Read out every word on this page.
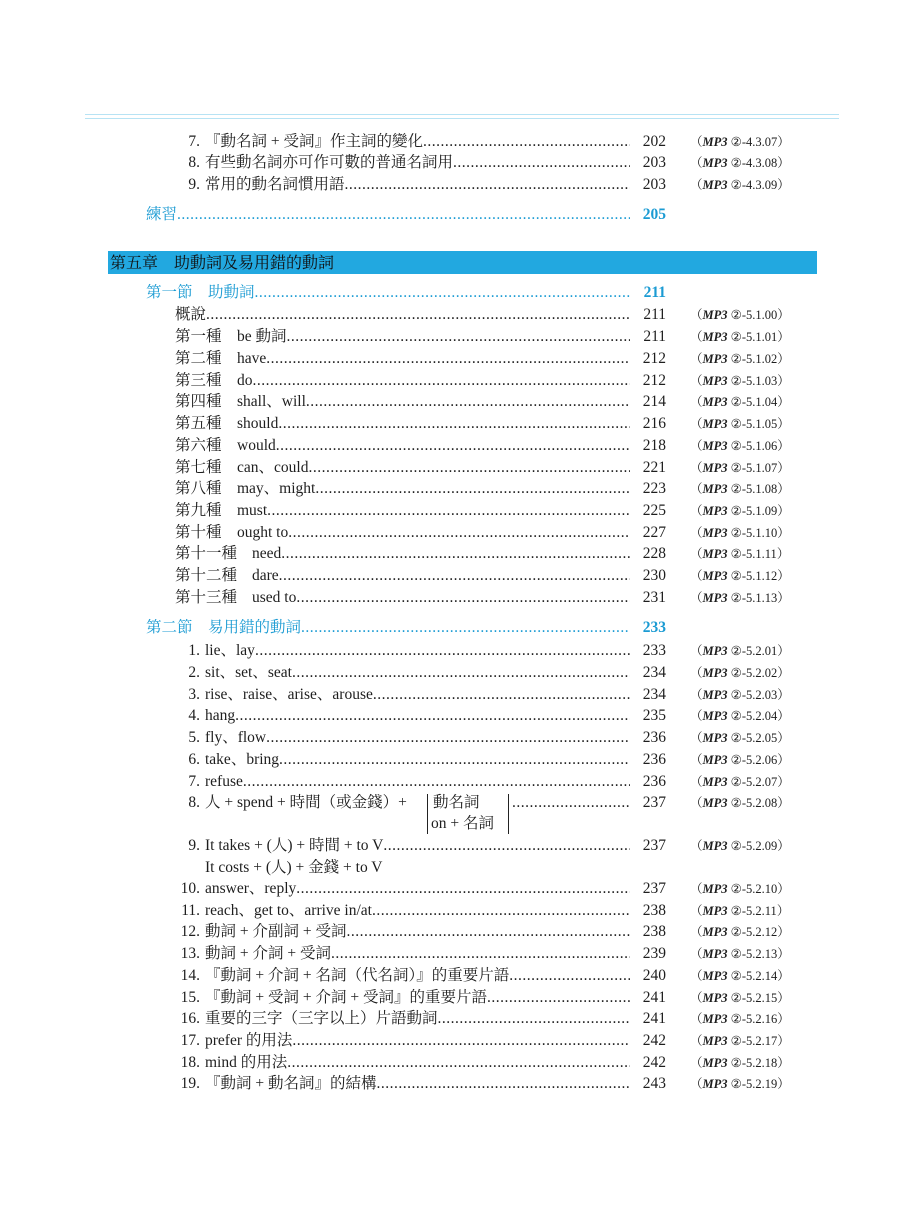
7. 『動名詞 + 受詞』作主詞的變化 .....	202 （MP3 ②-4.3.07）
8. 有些動名詞亦可作可數的普通名詞用 .....	203 （MP3 ②-4.3.08）
9. 常用的動名詞慣用語 .....	203 （MP3 ②-4.3.09）
練習 .....	205
第五章　助動詞及易用錯的動詞
第一節　助動詞 .....	211
概說 .....	211 （MP3 ②-5.1.00）
第一種 be 動詞 .....	211 （MP3 ②-5.1.01）
第二種 have .....	212 （MP3 ②-5.1.02）
第三種 do .....	212 （MP3 ②-5.1.03）
第四種 shall、will .....	214 （MP3 ②-5.1.04）
第五種 should .....	216 （MP3 ②-5.1.05）
第六種 would .....	218 （MP3 ②-5.1.06）
第七種 can、could .....	221 （MP3 ②-5.1.07）
第八種 may、might .....	223 （MP3 ②-5.1.08）
第九種 must .....	225 （MP3 ②-5.1.09）
第十種 ought to .....	227 （MP3 ②-5.1.10）
第十一種 need .....	228 （MP3 ②-5.1.11）
第十二種 dare .....	230 （MP3 ②-5.1.12）
第十三種 used to .....	231 （MP3 ②-5.1.13）
第二節　易用錯的動詞 .....	233
1. lie、lay .....	233 （MP3 ②-5.2.01）
2. sit、set、seat .....	234 （MP3 ②-5.2.02）
3. rise、raise、arise、arouse .....	234 （MP3 ②-5.2.03）
4. hang .....	235 （MP3 ②-5.2.04）
5. fly、flow .....	236 （MP3 ②-5.2.05）
6. take、bring .....	236 （MP3 ②-5.2.06）
7. refuse .....	236 （MP3 ②-5.2.07）
8. 人 + spend + 時間（或金錢）+ 動名詞 .....	237 （MP3 ②-5.2.08）
on + 名詞
9. It takes + (人) + 時間 + to V .....	237 （MP3 ②-5.2.09）
It costs + (人) + 金錢 + to V
10. answer、reply .....	237 （MP3 ②-5.2.10）
11. reach、get to、arrive in/at .....	238 （MP3 ②-5.2.11）
12. 動詞 + 介副詞 + 受詞 .....	238 （MP3 ②-5.2.12）
13. 動詞 + 介詞 + 受詞 .....	239 （MP3 ②-5.2.13）
14. 『動詞 + 介詞 + 名詞（代名詞）』的重要片語 .....	240 （MP3 ②-5.2.14）
15. 『動詞 + 受詞 + 介詞 + 受詞』的重要片語 .....	241 （MP3 ②-5.2.15）
16. 重要的三字（三字以上）片語動詞 .....	241 （MP3 ②-5.2.16）
17. prefer 的用法 .....	242 （MP3 ②-5.2.17）
18. mind 的用法 .....	242 （MP3 ②-5.2.18）
19. 『動詞 + 動名詞』的結構 .....	243 （MP3 ②-5.2.19）
